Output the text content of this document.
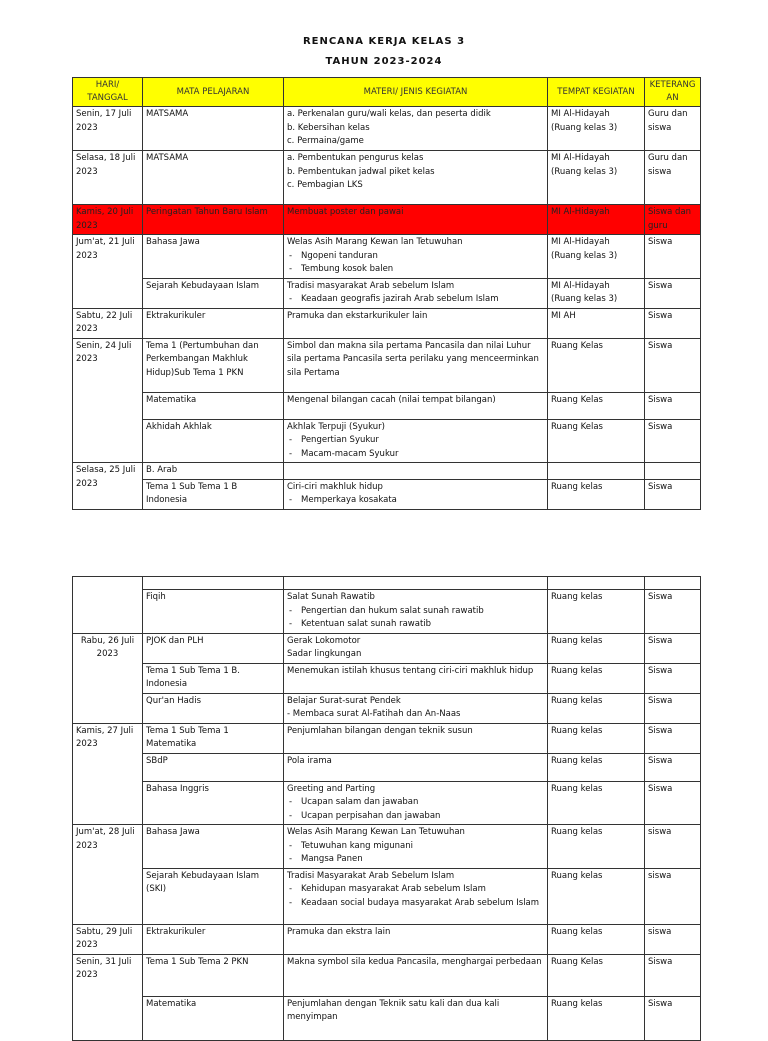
RENCANA KERJA KELAS 3
TAHUN 2023-2024
HARI/ TANGGAL	MATA PELAJARAN	MATERI/ JENIS KEGIATAN	TEMPAT KEGIATAN	KETERANG AN
Senin, 17 Juli 2023	MATSAMA	a. Perkenalan guru/wali kelas, dan peserta didik
b. Kebersihan kelas
c. Permaina/game	MI Al-Hidayah (Ruang kelas 3)	Guru dan siswa
Selasa, 18 Juli 2023	MATSAMA	a. Pembentukan pengurus kelas
b. Pembentukan jadwal piket kelas
c. Pembagian LKS	MI Al-Hidayah (Ruang kelas 3)	Guru dan siswa
Kamis, 20 Juli 2023	Peringatan Tahun Baru Islam	Membuat poster dan pawai	MI Al-Hidayah	Siswa dan guru
Jum'at, 21 Juli 2023	Bahasa Jawa	Welas Asih Marang Kewan lan Tetuwuhan
- Ngopeni tanduran
- Tembung kosok balen	MI Al-Hidayah (Ruang kelas 3)	Siswa
	Sejarah Kebudayaan Islam	Tradisi masyarakat Arab sebelum Islam
- Keadaan geografis jazirah Arab sebelum Islam	MI Al-Hidayah (Ruang kelas 3)	Siswa
Sabtu, 22 Juli 2023	Ektrakurikuler	Pramuka dan ekstarkurikuler lain	MI AH	Siswa
Senin, 24 Juli 2023	Tema 1 (Pertumbuhan dan Perkembangan Makhluk Hidup)Sub Tema 1 PKN	Simbol dan makna sila pertama Pancasila dan nilai Luhur sila pertama Pancasila serta perilaku yang menceerminkan sila Pertama	Ruang Kelas	Siswa
	Matematika	Mengenal bilangan cacah (nilai tempat bilangan)	Ruang Kelas	Siswa
	Akhidah Akhlak	Akhlak Terpuji (Syukur)
- Pengertian Syukur
- Macam-macam Syukur	Ruang Kelas	Siswa
Selasa, 25 Juli 2023	B. Arab			
	Tema 1 Sub Tema 1 B Indonesia	Ciri-ciri makhluk hidup
- Memperkaya kosakata	Ruang kelas	Siswa

	Fiqih	Salat Sunah Rawatib
- Pengertian dan hukum salat sunah rawatib
- Ketentuan salat sunah rawatib	Ruang kelas	Siswa
Rabu, 26 Juli 2023	PJOK dan PLH	Gerak Lokomotor
Sadar lingkungan	Ruang kelas	Siswa
	Tema 1 Sub Tema 1 B. Indonesia	Menemukan istilah khusus tentang ciri-ciri makhluk hidup	Ruang kelas	Siswa
	Qur'an Hadis	Belajar Surat-surat Pendek
- Membaca surat Al-Fatihah dan An-Naas	Ruang kelas	Siswa
Kamis, 27 Juli 2023	Tema 1 Sub Tema 1 Matematika	Penjumlahan bilangan dengan teknik susun	Ruang kelas	Siswa
	SBdP	Pola irama	Ruang kelas	Siswa
	Bahasa Inggris	Greeting and Parting
- Ucapan salam dan jawaban
- Ucapan perpisahan dan jawaban	Ruang kelas	Siswa
Jum'at, 28 Juli 2023	Bahasa Jawa	Welas Asih Marang Kewan Lan Tetuwuhan
- Tetuwuhan kang migunani
- Mangsa Panen	Ruang kelas	siswa
	Sejarah Kebudayaan Islam (SKI)	Tradisi Masyarakat Arab Sebelum Islam
- Kehidupan masyarakat Arab sebelum Islam
- Keadaan social budaya masyarakat Arab sebelum Islam	Ruang kelas	siswa
Sabtu, 29 Juli 2023	Ektrakurikuler	Pramuka dan ekstra lain	Ruang kelas	siswa
Senin, 31 Juli 2023	Tema 1 Sub Tema 2 PKN	Makna symbol sila kedua Pancasila, menghargai perbedaan	Ruang Kelas	Siswa
	Matematika	Penjumlahan dengan Teknik satu kali dan dua kali menyimpan	Ruang kelas	Siswa
